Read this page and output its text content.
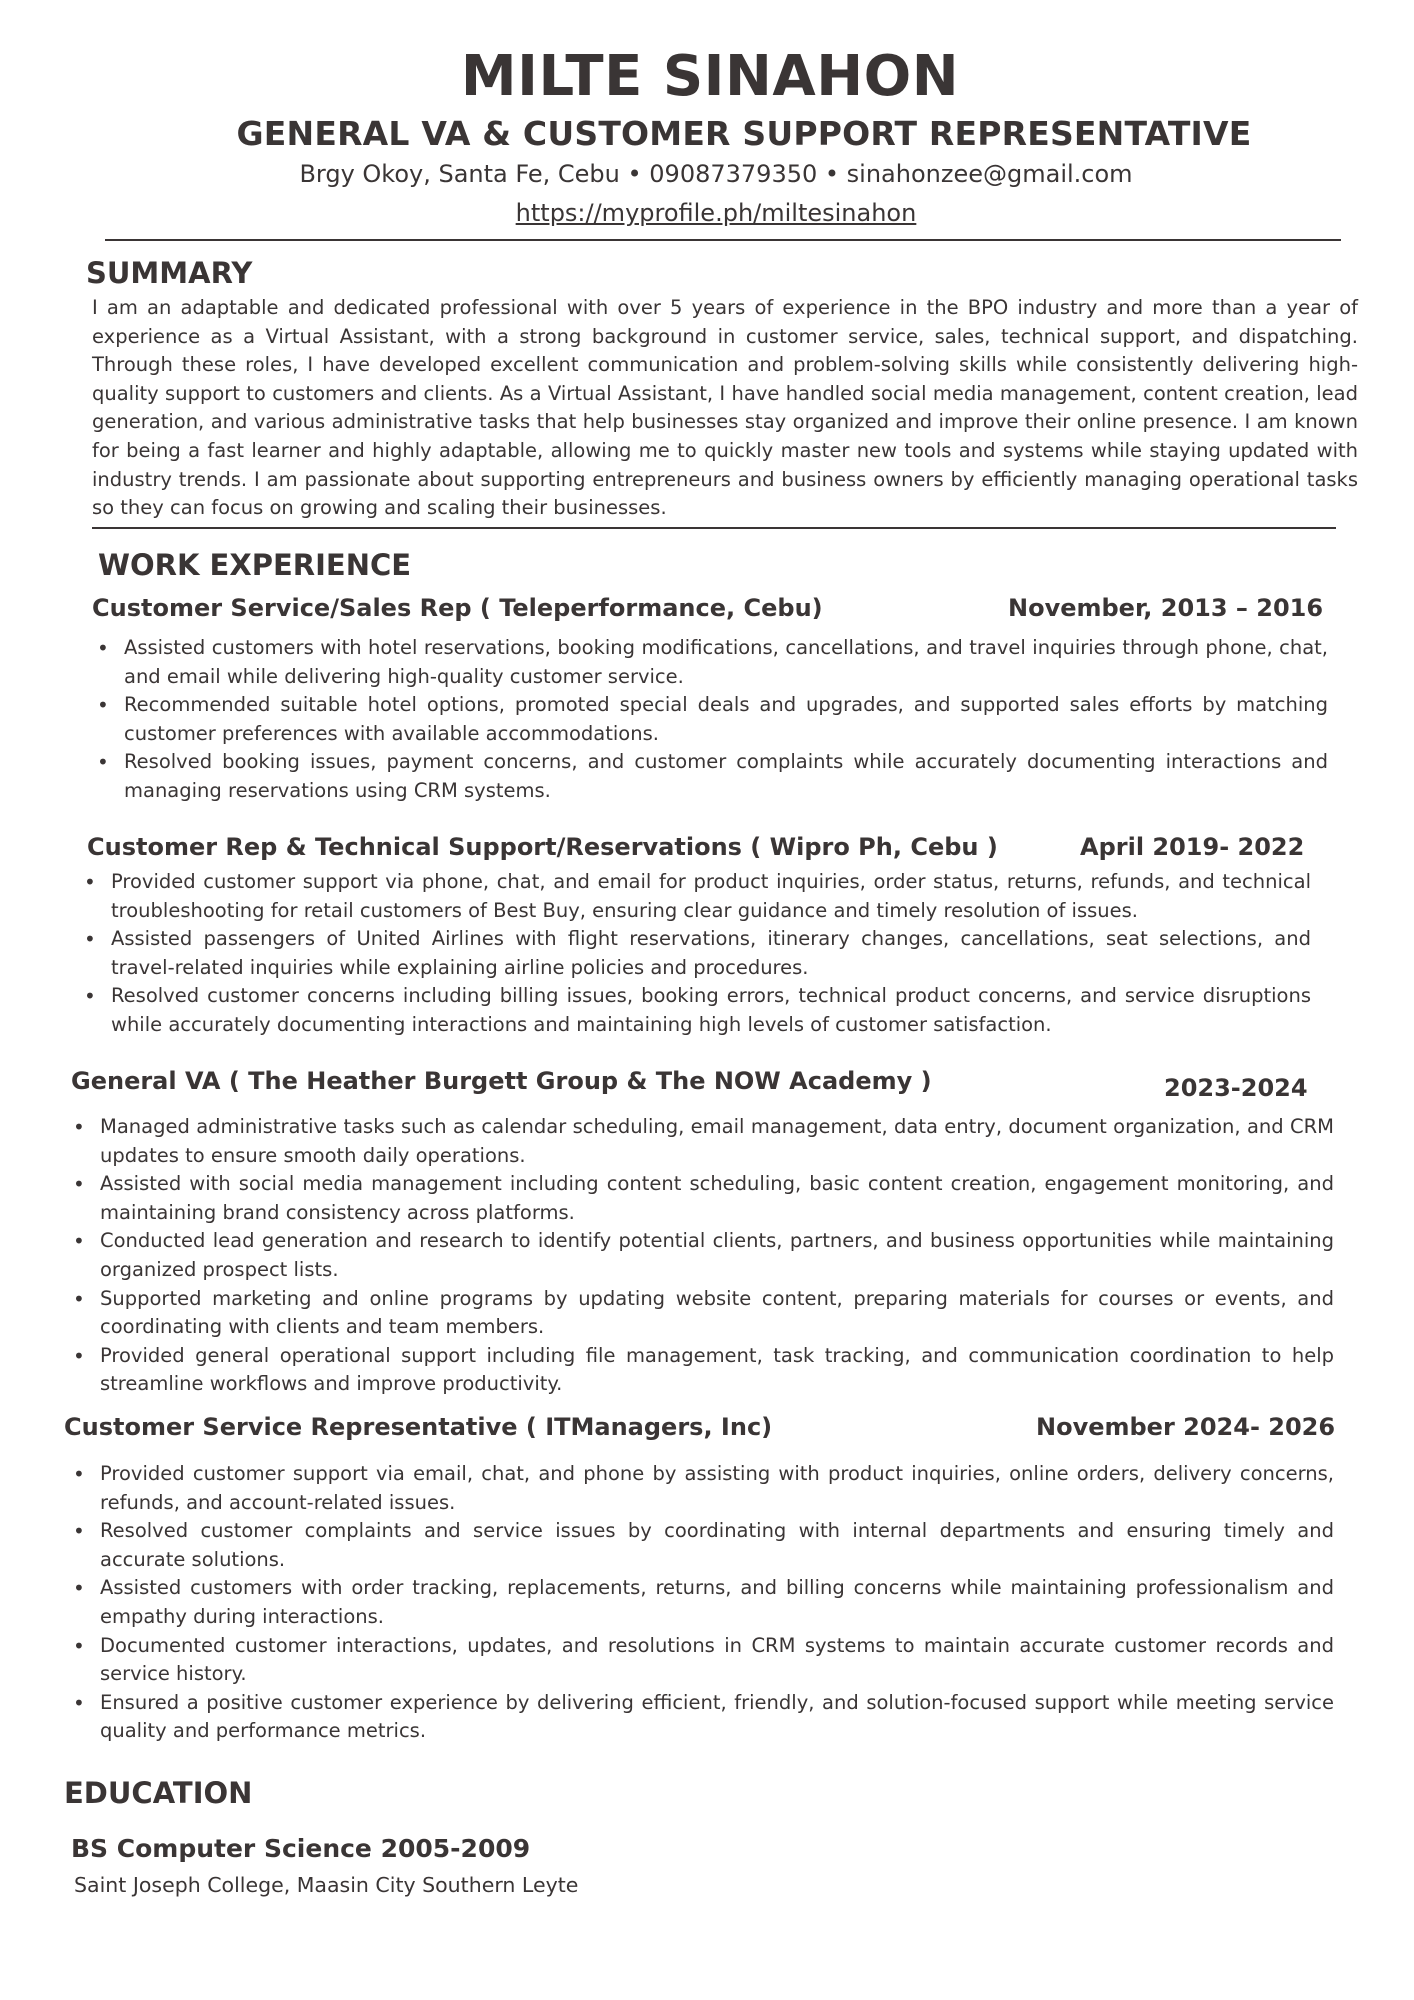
MILTE SINAHON
GENERAL VA & CUSTOMER SUPPORT REPRESENTATIVE
Brgy Okoy, Santa Fe, Cebu • 09087379350 • sinahonzee@gmail.com
https://myprofile.ph/miltesinahon
SUMMARY
I am an adaptable and dedicated professional with over 5 years of experience in the BPO industry and more than a year of experience as a Virtual Assistant, with a strong background in customer service, sales, technical support, and dispatching. Through these roles, I have developed excellent communication and problem-solving skills while consistently delivering high-quality support to customers and clients. As a Virtual Assistant, I have handled social media management, content creation, lead generation, and various administrative tasks that help businesses stay organized and improve their online presence. I am known for being a fast learner and highly adaptable, allowing me to quickly master new tools and systems while staying updated with industry trends. I am passionate about supporting entrepreneurs and business owners by efficiently managing operational tasks so they can focus on growing and scaling their businesses.
WORK EXPERIENCE
Customer Service/Sales Rep ( Teleperformance, Cebu)	November, 2013 – 2016
• Assisted customers with hotel reservations, booking modifications, cancellations, and travel inquiries through phone, chat, and email while delivering high-quality customer service.
• Recommended suitable hotel options, promoted special deals and upgrades, and supported sales efforts by matching customer preferences with available accommodations.
• Resolved booking issues, payment concerns, and customer complaints while accurately documenting interactions and managing reservations using CRM systems.
Customer Rep & Technical Support/Reservations ( Wipro Ph, Cebu )	April 2019- 2022
• Provided customer support via phone, chat, and email for product inquiries, order status, returns, refunds, and technical troubleshooting for retail customers of Best Buy, ensuring clear guidance and timely resolution of issues.
• Assisted passengers of United Airlines with flight reservations, itinerary changes, cancellations, seat selections, and travel-related inquiries while explaining airline policies and procedures.
• Resolved customer concerns including billing issues, booking errors, technical product concerns, and service disruptions while accurately documenting interactions and maintaining high levels of customer satisfaction.
General VA ( The Heather Burgett Group & The NOW Academy )	2023-2024
• Managed administrative tasks such as calendar scheduling, email management, data entry, document organization, and CRM updates to ensure smooth daily operations.
• Assisted with social media management including content scheduling, basic content creation, engagement monitoring, and maintaining brand consistency across platforms.
• Conducted lead generation and research to identify potential clients, partners, and business opportunities while maintaining organized prospect lists.
• Supported marketing and online programs by updating website content, preparing materials for courses or events, and coordinating with clients and team members.
• Provided general operational support including file management, task tracking, and communication coordination to help streamline workflows and improve productivity.
Customer Service Representative ( ITManagers, Inc)	November 2024- 2026
• Provided customer support via email, chat, and phone by assisting with product inquiries, online orders, delivery concerns, refunds, and account-related issues.
• Resolved customer complaints and service issues by coordinating with internal departments and ensuring timely and accurate solutions.
• Assisted customers with order tracking, replacements, returns, and billing concerns while maintaining professionalism and empathy during interactions.
• Documented customer interactions, updates, and resolutions in CRM systems to maintain accurate customer records and service history.
• Ensured a positive customer experience by delivering efficient, friendly, and solution-focused support while meeting service quality and performance metrics.
EDUCATION
BS Computer Science 2005-2009
Saint Joseph College, Maasin City Southern Leyte
